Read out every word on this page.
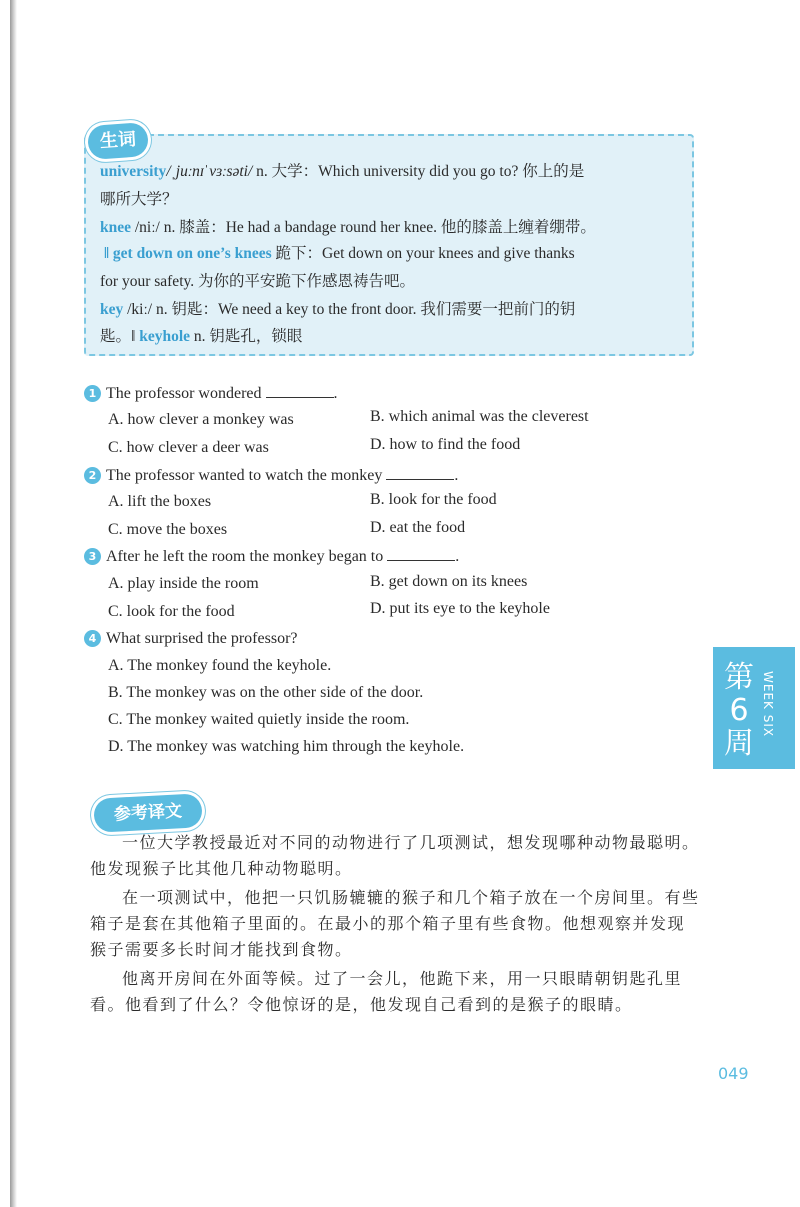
生词
university/ˌjuːnɪˈvɜːsəti/ n. 大学：Which university did you go to? 你上的是
哪所大学？
knee /niː/ n. 膝盖：He had a bandage round her knee. 他的膝盖上缠着绷带。
‖ get down on one’s knees 跪下：Get down on your knees and give thanks
for your safety. 为你的平安跪下作感恩祷告吧。
key /kiː/ n. 钥匙：We need a key to the front door. 我们需要一把前门的钥
匙。‖ keyhole n. 钥匙孔，锁眼
1 The professor wondered	.
A. how clever a monkey was	B. which animal was the cleverest
C. how clever a deer was	D. how to find the food
2 The professor wanted to watch the monkey	.
A. lift the boxes	B. look for the food
C. move the boxes	D. eat the food
3 After he left the room the monkey began to	.
A. play inside the room	B. get down on its knees
C. look for the food	D. put its eye to the keyhole
4 What surprised the professor?
A. The monkey found the keyhole.
B. The monkey was on the other side of the door.
C. The monkey waited quietly inside the room.
D. The monkey was watching him through the keyhole.
第6周
WEEK SIX
参考译文

一位大学教授最近对不同的动物进行了几项测试，想发现哪种动物最聪明。他发现猴子比其他几种动物聪明。

在一项测试中，他把一只饥肠辘辘的猴子和几个箱子放在一个房间里。有些箱子是套在其他箱子里面的。在最小的那个箱子里有些食物。他想观察并发现猴子需要多长时间才能找到食物。

他离开房间在外面等候。过了一会儿，他跪下来，用一只眼睛朝钥匙孔里看。他看到了什么？令他惊讶的是，他发现自己看到的是猴子的眼睛。

049
